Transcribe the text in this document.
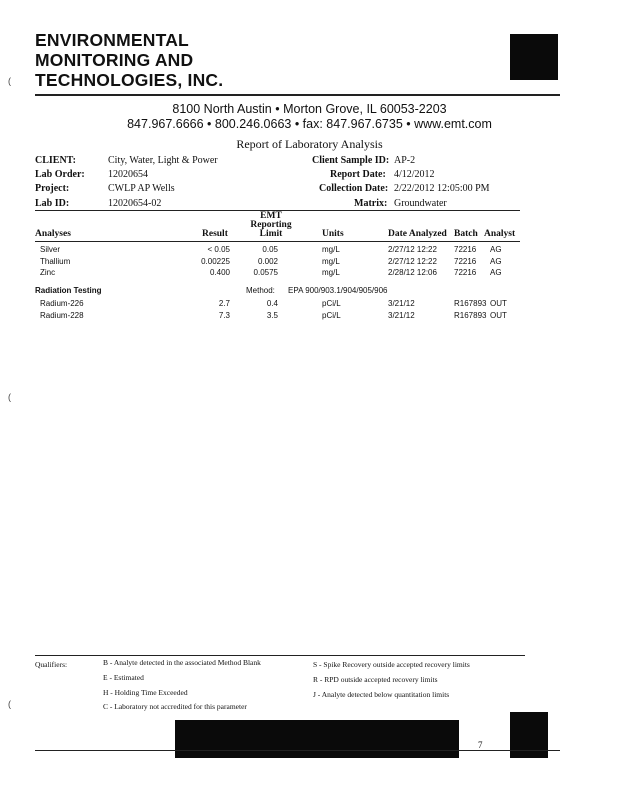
ENVIRONMENTAL
MONITORING AND
TECHNOLOGIES, INC.
8100 North Austin • Morton Grove, IL 60053-2203
847.967.6666 • 800.246.0663 • fax: 847.967.6735 • www.emt.com
Report of Laboratory Analysis
CLIENT:	City, Water, Light & Power
Lab Order: 12020654
Project:	CWLP AP Wells
Lab ID:	12020654-02
Client Sample ID: AP-2
Report Date: 4/12/2012
Collection Date: 2/22/2012 12:05:00 PM
Matrix: Groundwater
Analyses	Result
EMT
Reporting
Limit	Units	Date Analyzed Batch Analyst
Silver	< 0.05	0.05	mg/L	2/27/12 12:22 72216 AG
Thallium	0.00225	0.002	mg/L	2/27/12 12:22 72216 AG
Zinc	0.400	0.0575	mg/L	2/28/12 12:06 72216 AG
Radiation Testing	Method: EPA 900/903.1/904/905/906
Radium-226	2.7	0.4	pCi/L	3/21/12	R167893 OUT
Radium-228	7.3	3.5	pCi/L	3/21/12	R167893 OUT
(
(
(
Qualifiers:	B - Analyte detected in the associated Method Blank
E - Estimated
H - Holding Time Exceeded
C - Laboratory not accredited for this parameter
S - Spike Recovery outside accepted recovery limits
R - RPD outside accepted recovery limits
J - Analyte detected below quantitation limits
7
